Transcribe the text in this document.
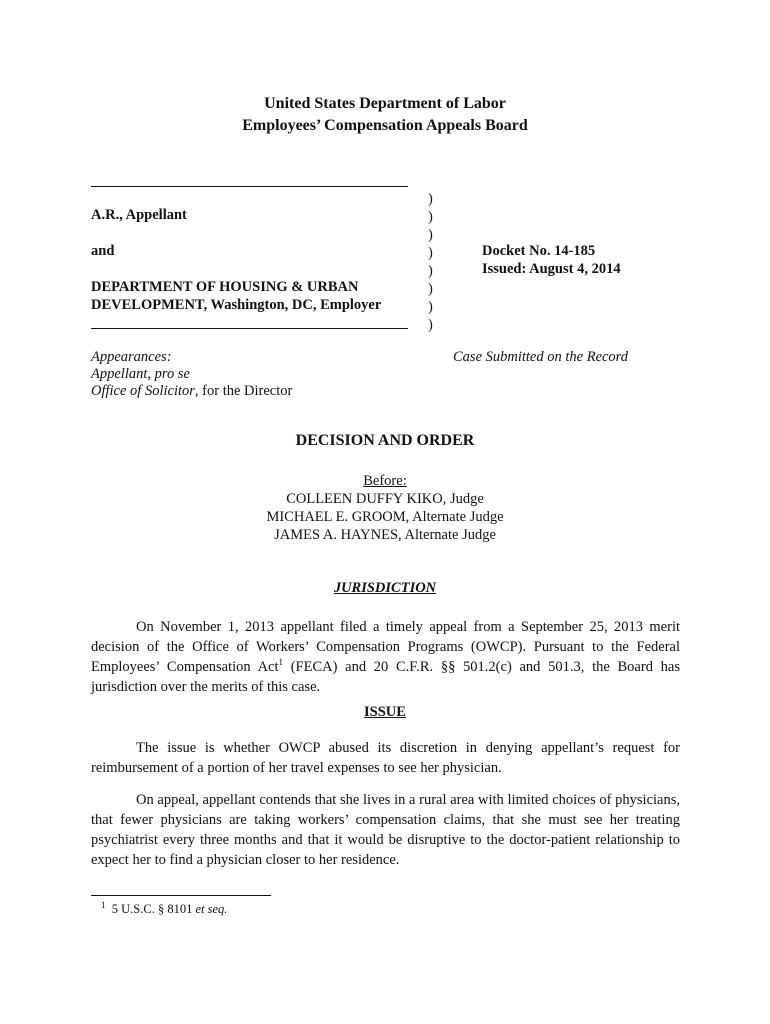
United States Department of Labor
Employees’ Compensation Appeals Board
A.R., Appellant
and
DEPARTMENT OF HOUSING & URBAN
DEVELOPMENT, Washington, DC, Employer
)
)
)
)
)
)
)
)
Docket No. 14-185
Issued: August 4, 2014
Appearances:
Appellant, pro se
Office of Solicitor, for the Director
Case Submitted on the Record
DECISION AND ORDER
Before:
COLLEEN DUFFY KIKO, Judge
MICHAEL E. GROOM, Alternate Judge
JAMES A. HAYNES, Alternate Judge
JURISDICTION

On November 1, 2013 appellant filed a timely appeal from a September 25, 2013 merit decision of the Office of Workers’ Compensation Programs (OWCP). Pursuant to the Federal Employees’ Compensation Act$^1$ (FECA) and 20 C.F.R. §§ 501.2(c) and 501.3, the Board has jurisdiction over the merits of this case.

ISSUE

The issue is whether OWCP abused its discretion in denying appellant’s request for reimbursement of a portion of her travel expenses to see her physician.

On appeal, appellant contends that she lives in a rural area with limited choices of physicians, that fewer physicians are taking workers’ compensation claims, that she must see her treating psychiatrist every three months and that it would be disruptive to the doctor-patient relationship to expect her to find a physician closer to her residence.

$^1$ 5 U.S.C. § 8101 et seq.
